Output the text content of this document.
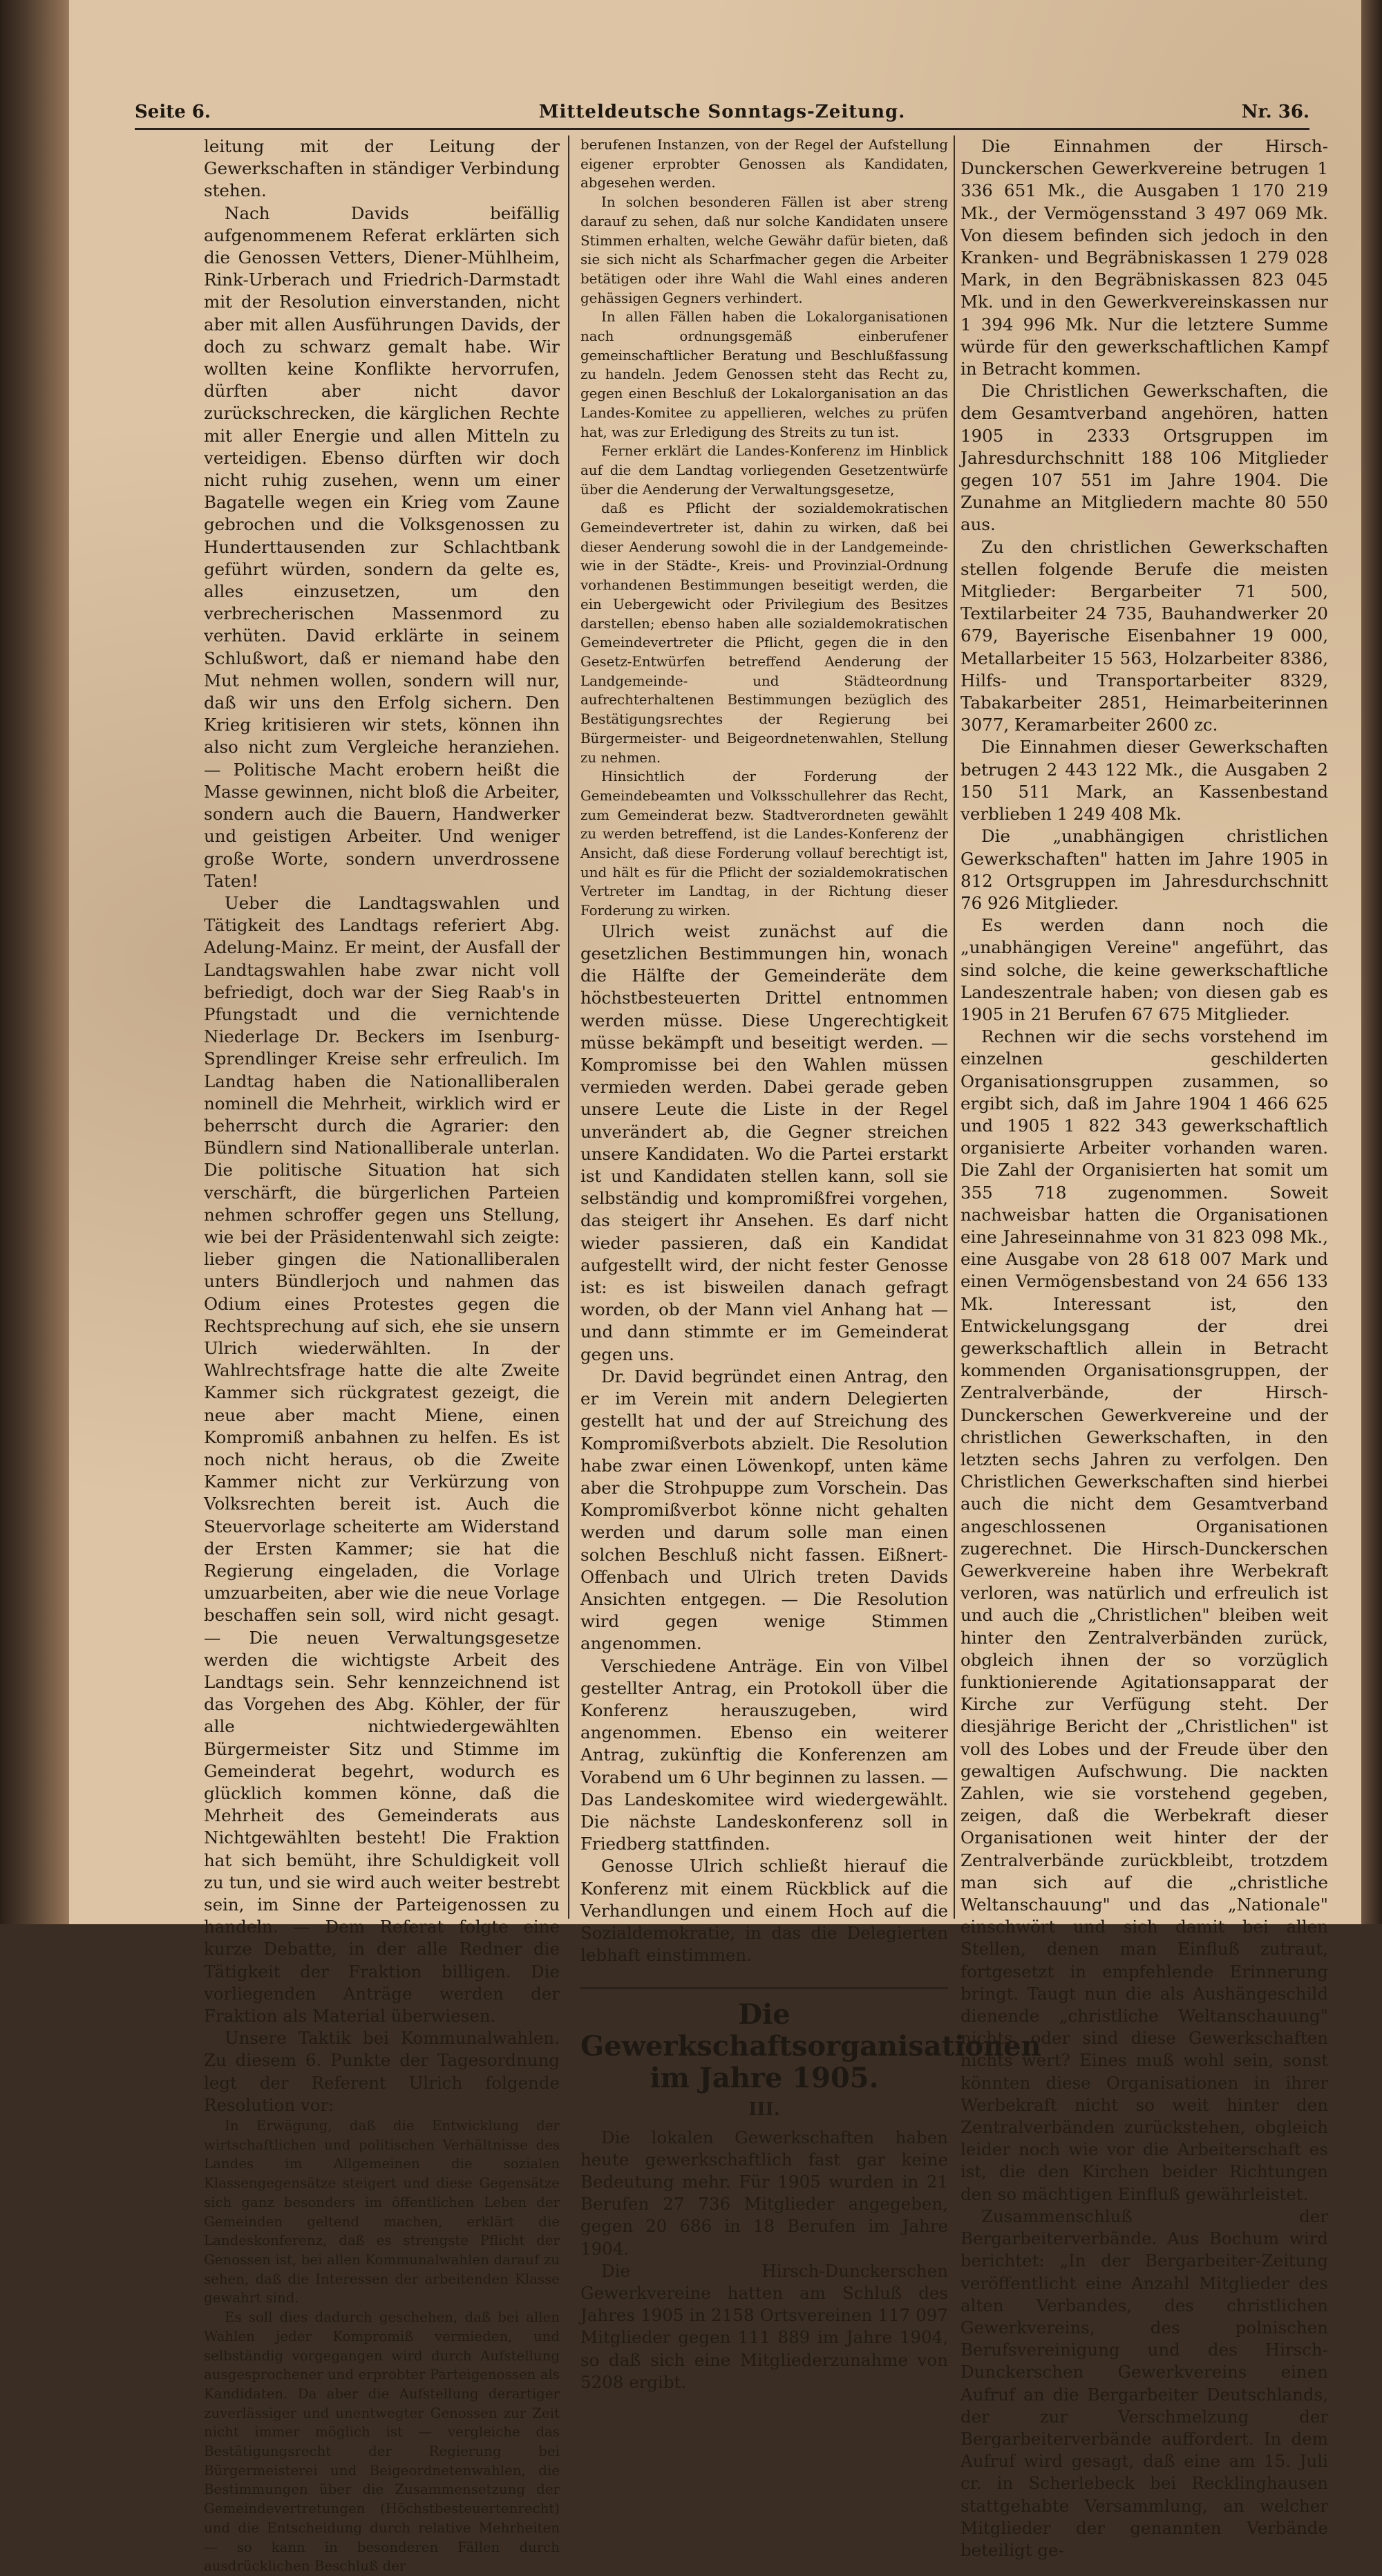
Seite 6.	Mitteldeutsche Sonntags-Zeitung.	Nr. 36.

leitung mit der Leitung der Gewerkschaften in ständiger Verbindung stehen.

Nach Davids beifällig aufgenommenem Referat erklärten sich die Genossen Vetters, Diener-Mühlheim, Rink-Urberach und Friedrich-Darmstadt mit der Resolution einverstanden, nicht aber mit allen Ausführungen Davids, der doch zu schwarz gemalt habe. Wir wollten keine Konflikte hervorrufen, dürften aber nicht davor zurückschrecken, die kärglichen Rechte mit aller Energie und allen Mitteln zu verteidigen. Ebenso dürften wir doch nicht ruhig zusehen, wenn um einer Bagatelle wegen ein Krieg vom Zaune gebrochen und die Volksgenossen zu Hunderttausenden zur Schlachtbank geführt würden, sondern da gelte es, alles einzusetzen, um den verbrecherischen Massenmord zu verhüten. David erklärte in seinem Schlußwort, daß er niemand habe den Mut nehmen wollen, sondern will nur, daß wir uns den Erfolg sichern. Den Krieg kritisieren wir stets, können ihn also nicht zum Vergleiche heranziehen. — Politische Macht erobern heißt die Masse gewinnen, nicht bloß die Arbeiter, sondern auch die Bauern, Handwerker und geistigen Arbeiter. Und weniger große Worte, sondern unverdrossene Taten!

Ueber die Landtagswahlen und Tätigkeit des Landtags referiert Abg. Adelung-Mainz. Er meint, der Ausfall der Landtagswahlen habe zwar nicht voll befriedigt, doch war der Sieg Raab's in Pfungstadt und die vernichtende Niederlage Dr. Beckers im Isenburg-Sprendlinger Kreise sehr erfreulich. Im Landtag haben die Nationalliberalen nominell die Mehrheit, wirklich wird er beherrscht durch die Agrarier: den Bündlern sind Nationalliberale unterlan. Die politische Situation hat sich verschärft, die bürgerlichen Parteien nehmen schroffer gegen uns Stellung, wie bei der Präsidentenwahl sich zeigte: lieber gingen die Nationalliberalen unters Bündlerjoch und nahmen das Odium eines Protestes gegen die Rechtsprechung auf sich, ehe sie unsern Ulrich wiederwählten. In der Wahlrechtsfrage hatte die alte Zweite Kammer sich rückgratest gezeigt, die neue aber macht Miene, einen Kompromiß anbahnen zu helfen. Es ist noch nicht heraus, ob die Zweite Kammer nicht zur Verkürzung von Volksrechten bereit ist. Auch die Steuervorlage scheiterte am Widerstand der Ersten Kammer; sie hat die Regierung eingeladen, die Vorlage umzuarbeiten, aber wie die neue Vorlage beschaffen sein soll, wird nicht gesagt. — Die neuen Verwaltungsgesetze werden die wichtigste Arbeit des Landtags sein. Sehr kennzeichnend ist das Vorgehen des Abg. Köhler, der für alle nichtwiedergewählten Bürgermeister Sitz und Stimme im Gemeinderat begehrt, wodurch es glücklich kommen könne, daß die Mehrheit des Gemeinderats aus Nichtgewählten besteht! Die Fraktion hat sich bemüht, ihre Schuldigkeit voll zu tun, und sie wird auch weiter bestrebt sein, im Sinne der Parteigenossen zu handeln. — Dem Referat folgte eine kurze Debatte, in der alle Redner die Tätigkeit der Fraktion billigen. Die vorliegenden Anträge werden der Fraktion als Material überwiesen.

Unsere Taktik bei Kommunalwahlen. Zu diesem 6. Punkte der Tagesordnung legt der Referent Ulrich folgende Resolution vor:

In Erwägung, daß die Entwicklung der wirtschaftlichen und politischen Verhältnisse des Landes im Allgemeinen die sozialen Klassengegensätze steigert und diese Gegensätze sich ganz besonders im öffentlichen Leben der Gemeinden geltend machen, erklärt die Landeskonferenz, daß es strengste Pflicht der Genossen ist, bei allen Kommunalwahlen darauf zu sehen, daß die Interessen der arbeitenden Klasse gewahrt sind.

Es soll dies dadurch geschehen, daß bei allen Wahlen jeder Kompromiß vermieden, und selbständig vorgegangen wird durch Aufstellung ausgesprochener und erprobter Parteigenossen als Kandidaten. Da aber die Aufstellung derartiger zuverlässiger und unentwegter Genossen zur Zeit nicht immer möglich ist — vergleiche das Bestätigungsrecht der Regierung bei Bürgermeisterei und Beigeordnetenwahlen, die Bestimmungen über die Zusammensetzung der Gemeindevertretungen (Höchstbesteuertenrecht) und die Entscheidung durch relative Mehrheiten — so kann in besonderen Fällen durch ausdrücklichen Beschluß der

berufenen Instanzen, von der Regel der Aufstellung eigener erprobter Genossen als Kandidaten, abgesehen werden.

In solchen besonderen Fällen ist aber streng darauf zu sehen, daß nur solche Kandidaten unsere Stimmen erhalten, welche Gewähr dafür bieten, daß sie sich nicht als Scharfmacher gegen die Arbeiter betätigen oder ihre Wahl die Wahl eines anderen gehässigen Gegners verhindert.

In allen Fällen haben die Lokalorganisationen nach ordnungsgemäß einberufener gemeinschaftlicher Beratung und Beschlußfassung zu handeln. Jedem Genossen steht das Recht zu, gegen einen Beschluß der Lokalorganisation an das Landes-Komitee zu appellieren, welches zu prüfen hat, was zur Erledigung des Streits zu tun ist.

Ferner erklärt die Landes-Konferenz im Hinblick auf die dem Landtag vorliegenden Gesetzentwürfe über die Aenderung der Verwaltungsgesetze,

daß es Pflicht der sozialdemokratischen Gemeindevertreter ist, dahin zu wirken, daß bei dieser Aenderung sowohl die in der Landgemeinde- wie in der Städte-, Kreis- und Provinzial-Ordnung vorhandenen Bestimmungen beseitigt werden, die ein Uebergewicht oder Privilegium des Besitzes darstellen; ebenso haben alle sozialdemokratischen Gemeindevertreter die Pflicht, gegen die in den Gesetz-Entwürfen betreffend Aenderung der Landgemeinde- und Städteordnung aufrechterhaltenen Bestimmungen bezüglich des Bestätigungsrechtes der Regierung bei Bürgermeister- und Beigeordnetenwahlen, Stellung zu nehmen.

Hinsichtlich der Forderung der Gemeindebeamten und Volksschullehrer das Recht, zum Gemeinderat bezw. Stadtverordneten gewählt zu werden betreffend, ist die Landes-Konferenz der Ansicht, daß diese Forderung vollauf berechtigt ist, und hält es für die Pflicht der sozialdemokratischen Vertreter im Landtag, in der Richtung dieser Forderung zu wirken.

Ulrich weist zunächst auf die gesetzlichen Bestimmungen hin, wonach die Hälfte der Gemeinderäte dem höchstbesteuerten Drittel entnommen werden müsse. Diese Ungerechtigkeit müsse bekämpft und beseitigt werden. — Kompromisse bei den Wahlen müssen vermieden werden. Dabei gerade geben unsere Leute die Liste in der Regel unverändert ab, die Gegner streichen unsere Kandidaten. Wo die Partei erstarkt ist und Kandidaten stellen kann, soll sie selbständig und kompromißfrei vorgehen, das steigert ihr Ansehen. Es darf nicht wieder passieren, daß ein Kandidat aufgestellt wird, der nicht fester Genosse ist: es ist bisweilen danach gefragt worden, ob der Mann viel Anhang hat — und dann stimmte er im Gemeinderat gegen uns.

Dr. David begründet einen Antrag, den er im Verein mit andern Delegierten gestellt hat und der auf Streichung des Kompromißverbots abzielt. Die Resolution habe zwar einen Löwenkopf, unten käme aber die Strohpuppe zum Vorschein. Das Kompromißverbot könne nicht gehalten werden und darum solle man einen solchen Beschluß nicht fassen. Eißnert-Offenbach und Ulrich treten Davids Ansichten entgegen. — Die Resolution wird gegen wenige Stimmen angenommen.

Verschiedene Anträge. Ein von Vilbel gestellter Antrag, ein Protokoll über die Konferenz herauszugeben, wird angenommen. Ebenso ein weiterer Antrag, zukünftig die Konferenzen am Vorabend um 6 Uhr beginnen zu lassen. — Das Landeskomitee wird wiedergewählt. Die nächste Landeskonferenz soll in Friedberg stattfinden.

Genosse Ulrich schließt hierauf die Konferenz mit einem Rückblick auf die Verhandlungen und einem Hoch auf die Sozialdemokratie, in das die Delegierten lebhaft einstimmen.

Die Gewerkschaftsorganisationen im Jahre 1905.
III.

Die lokalen Gewerkschaften haben heute gewerkschaftlich fast gar keine Bedeutung mehr. Für 1905 wurden in 21 Berufen 27 736 Mitglieder angegeben, gegen 20 686 in 18 Berufen im Jahre 1904.

Die Hirsch-Dunckerschen Gewerkvereine hatten am Schluß des Jahres 1905 in 2158 Ortsvereinen 117 097 Mitglieder gegen 111 889 im Jahre 1904, so daß sich eine Mitgliederzunahme von 5208 ergibt.

Die Einnahmen der Hirsch-Dunckerschen Gewerkvereine betrugen 1 336 651 Mk., die Ausgaben 1 170 219 Mk., der Vermögensstand 3 497 069 Mk. Von diesem befinden sich jedoch in den Kranken- und Begräbniskassen 1 279 028 Mark, in den Begräbniskassen 823 045 Mk. und in den Gewerkvereinskassen nur 1 394 996 Mk. Nur die letztere Summe würde für den gewerkschaftlichen Kampf in Betracht kommen.

Die Christlichen Gewerkschaften, die dem Gesamtverband angehören, hatten 1905 in 2333 Ortsgruppen im Jahresdurchschnitt 188 106 Mitglieder gegen 107 551 im Jahre 1904. Die Zunahme an Mitgliedern machte 80 550 aus.

Zu den christlichen Gewerkschaften stellen folgende Berufe die meisten Mitglieder: Bergarbeiter 71 500, Textilarbeiter 24 735, Bauhandwerker 20 679, Bayerische Eisenbahner 19 000, Metallarbeiter 15 563, Holzarbeiter 8386, Hilfs- und Transportarbeiter 8329, Tabakarbeiter 2851, Heimarbeiterinnen 3077, Keramarbeiter 2600 zc.

Die Einnahmen dieser Gewerkschaften betrugen 2 443 122 Mk., die Ausgaben 2 150 511 Mark, an Kassenbestand verblieben 1 249 408 Mk.

Die „unabhängigen christlichen Gewerkschaften" hatten im Jahre 1905 in 812 Ortsgruppen im Jahresdurchschnitt 76 926 Mitglieder.

Es werden dann noch die „unabhängigen Vereine" angeführt, das sind solche, die keine gewerkschaftliche Landeszentrale haben; von diesen gab es 1905 in 21 Berufen 67 675 Mitglieder.

Rechnen wir die sechs vorstehend im einzelnen geschilderten Organisationsgruppen zusammen, so ergibt sich, daß im Jahre 1904 1 466 625 und 1905 1 822 343 gewerkschaftlich organisierte Arbeiter vorhanden waren. Die Zahl der Organisierten hat somit um 355 718 zugenommen. Soweit nachweisbar hatten die Organisationen eine Jahreseinnahme von 31 823 098 Mk., eine Ausgabe von 28 618 007 Mark und einen Vermögensbestand von 24 656 133 Mk. Interessant ist, den Entwickelungsgang der drei gewerkschaftlich allein in Betracht kommenden Organisationsgruppen, der Zentralverbände, der Hirsch-Dunckerschen Gewerkvereine und der christlichen Gewerkschaften, in den letzten sechs Jahren zu verfolgen. Den Christlichen Gewerkschaften sind hierbei auch die nicht dem Gesamtverband angeschlossenen Organisationen zugerechnet. Die Hirsch-Dunckerschen Gewerkvereine haben ihre Werbekraft verloren, was natürlich und erfreulich ist und auch die „Christlichen" bleiben weit hinter den Zentralverbänden zurück, obgleich ihnen der so vorzüglich funktionierende Agitationsapparat der Kirche zur Verfügung steht. Der diesjährige Bericht der „Christlichen" ist voll des Lobes und der Freude über den gewaltigen Aufschwung. Die nackten Zahlen, wie sie vorstehend gegeben, zeigen, daß die Werbekraft dieser Organisationen weit hinter der der Zentralverbände zurückbleibt, trotzdem man sich auf die „christliche Weltanschauung" und das „Nationale" einschwört und sich damit bei allen Stellen, denen man Einfluß zutraut, fortgesetzt in empfehlende Erinnerung bringt. Taugt nun die als Aushängeschild dienende „christliche Weltanschauung" nichts, oder sind diese Gewerkschaften nichts wert? Eines muß wohl sein, sonst könnten diese Organisationen in ihrer Werbekraft nicht so weit hinter den Zentralverbänden zurückstehen, obgleich leider noch wie vor die Arbeiterschaft es ist, die den Kirchen beider Richtungen den so mächtigen Einfluß gewährleistet.

Zusammenschluß der Bergarbeiterverbände. Aus Bochum wird berichtet: „In der Bergarbeiter-Zeitung veröffentlicht eine Anzahl Mitglieder des alten Verbandes, des christlichen Gewerkvereins, des polnischen Berufsvereinigung und des Hirsch-Dunckerschen Gewerkvereins einen Aufruf an die Bergarbeiter Deutschlands, der zur Verschmelzung der Bergarbeiterverbände auffordert. In dem Aufruf wird gesagt, daß eine am 15. Juli cr. in Scherlebeck bei Recklinghausen stattgehabte Versammlung, an welcher Mitglieder der genannten Verbände beteiligt ge-
